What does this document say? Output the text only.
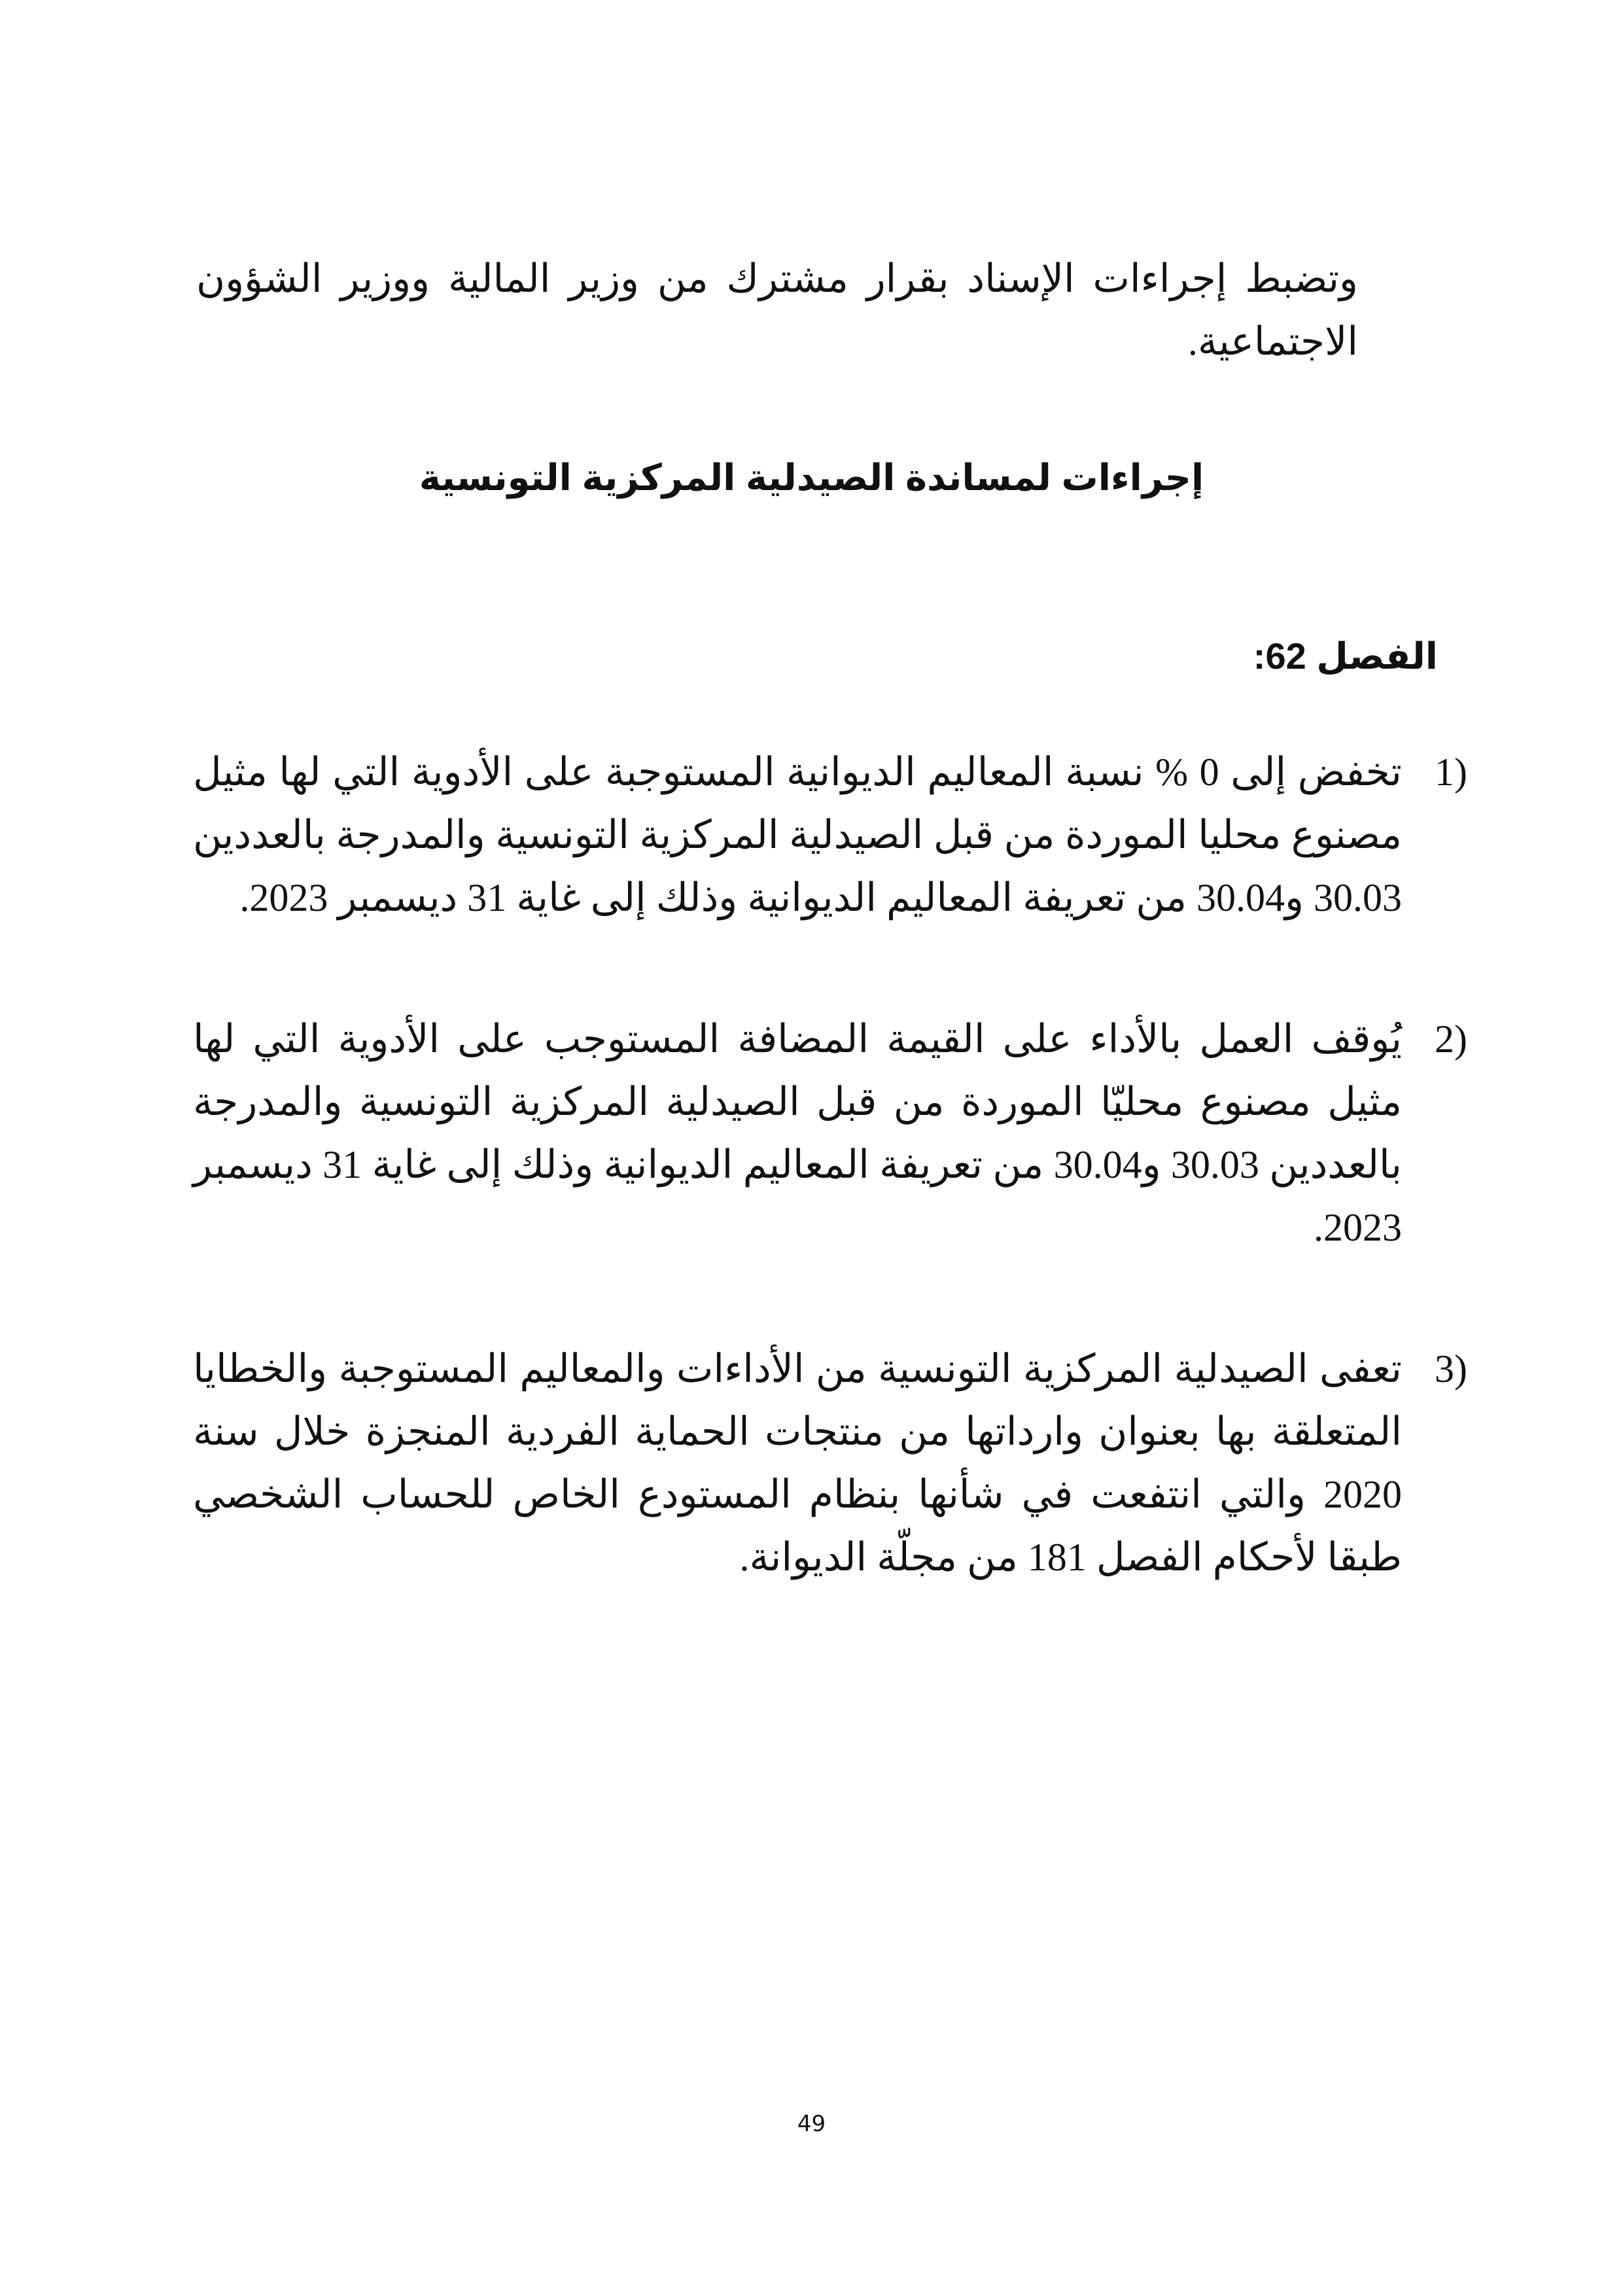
وتضبط إجراءات الإسناد بقرار مشترك من وزير المالية ووزير الشؤون الاجتماعية.

إجراءات لمساندة الصيدلية المركزية التونسية
الفصل 62:
1)
تخفض إلى 0 % نسبة المعاليم الديوانية المستوجبة على الأدوية التي لها مثيل مصنوع محليا الموردة من قبل الصيدلية المركزية التونسية والمدرجة بالعددين 30.03 و30.04 من تعريفة المعاليم الديوانية وذلك إلى غاية 31 ديسمبر 2023.
2)
يُوقف العمل بالأداء على القيمة المضافة المستوجب على الأدوية التي لها مثيل مصنوع محليّا الموردة من قبل الصيدلية المركزية التونسية والمدرجة بالعددين 30.03 و30.04 من تعريفة المعاليم الديوانية وذلك إلى غاية 31 ديسمبر 2023.
3)
تعفى الصيدلية المركزية التونسية من الأداءات والمعاليم المستوجبة والخطايا المتعلقة بها بعنوان وارداتها من منتجات الحماية الفردية المنجزة خلال سنة 2020 والتي انتفعت في شأنها بنظام المستودع الخاص للحساب الشخصي طبقا لأحكام الفصل 181 من مجلّة الديوانة.

49
